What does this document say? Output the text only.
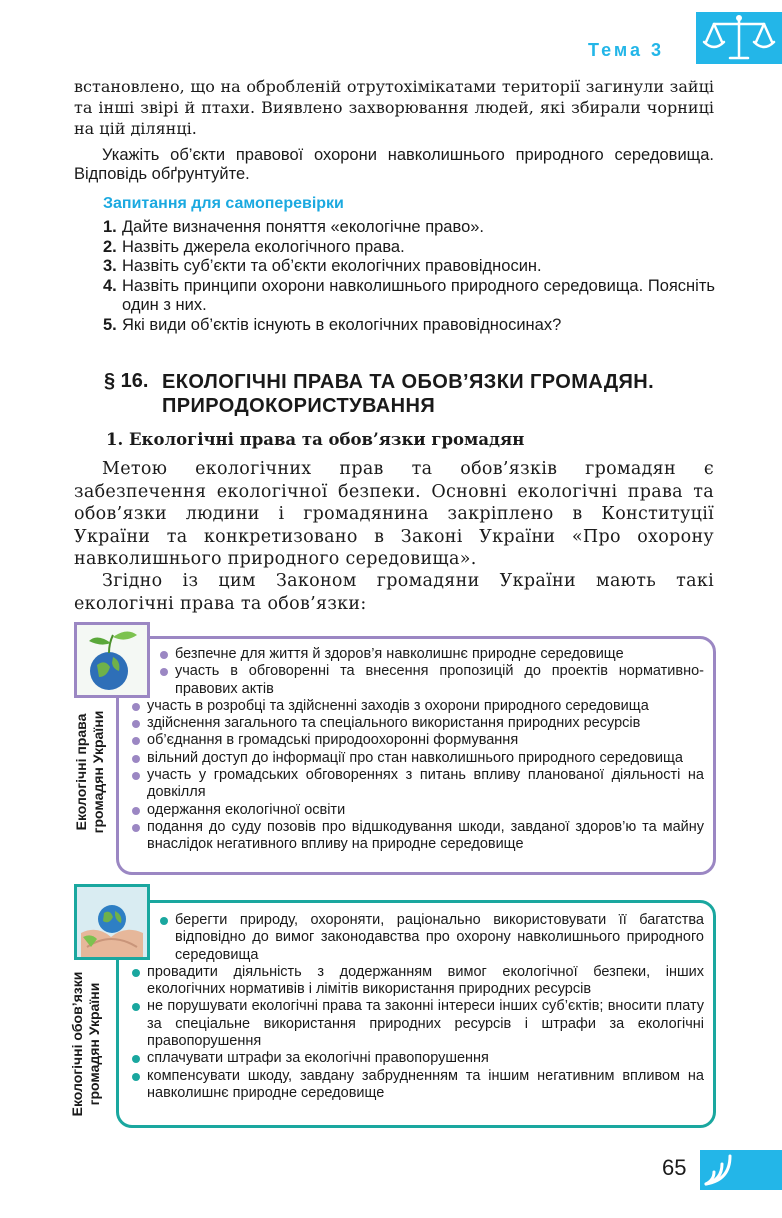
Тема 3
встановлено, що на обробленій отрутохімікатами території загинули зайці та інші звірі й птахи. Виявлено захворювання людей, які збирали чорниці на цій ділянці.
Укажіть об’єкти правової охорони навколишнього природного середовища. Відповідь обґрунтуйте.
Запитання для самоперевірки
1. Дайте визначення поняття «екологічне право».
2. Назвіть джерела екологічного права.
3. Назвіть суб’єкти та об’єкти екологічних правовідносин.
4. Назвіть принципи охорони навколишнього природного середовища. Поясніть один з них.
5. Які види об’єктів існують в екологічних правовідносинах?
§ 16. ЕКОЛОГІЧНІ ПРАВА ТА ОБОВ’ЯЗКИ ГРОМАДЯН. ПРИРОДОКОРИСТУВАННЯ
1. Екологічні права та обов’язки громадян
Метою екологічних прав та обов’язків громадян є забезпечення екологічної безпеки. Основні екологічні права та обов’язки людини і громадянина закріплено в Конституції України та конкретизовано в Законі України «Про охорону навколишнього природного середовища».
Згідно із цим Законом громадяни України мають такі екологічні права та обов’язки:
Екологічні права громадян України
безпечне для життя й здоров’я навколишнє природне середовище
участь в обговоренні та внесення пропозицій до проектів нормативно-правових актів
участь в розробці та здійсненні заходів з охорони природного середовища
здійснення загального та спеціального використання природних ресурсів
об’єднання в громадські природоохоронні формування
вільний доступ до інформації про стан навколишнього природного середовища
участь у громадських обговореннях з питань впливу планованої діяльності на довкілля
одержання екологічної освіти
подання до суду позовів про відшкодування шкоди, завданої здоров’ю та майну внаслідок негативного впливу на природне середовище
Екологічні обов’язки громадян України
берегти природу, охороняти, раціонально використовувати її багатства відповідно до вимог законодавства про охорону навколишнього природного середовища
провадити діяльність з додержанням вимог екологічної безпеки, інших екологічних нормативів і лімітів використання природних ресурсів
не порушувати екологічні права та законні інтереси інших суб’єктів; вносити плату за спеціальне використання природних ресурсів і штрафи за екологічні правопорушення
сплачувати штрафи за екологічні правопорушення
компенсувати шкоду, завдану забрудненням та іншим негативним впливом на навколишнє природне середовище
65
